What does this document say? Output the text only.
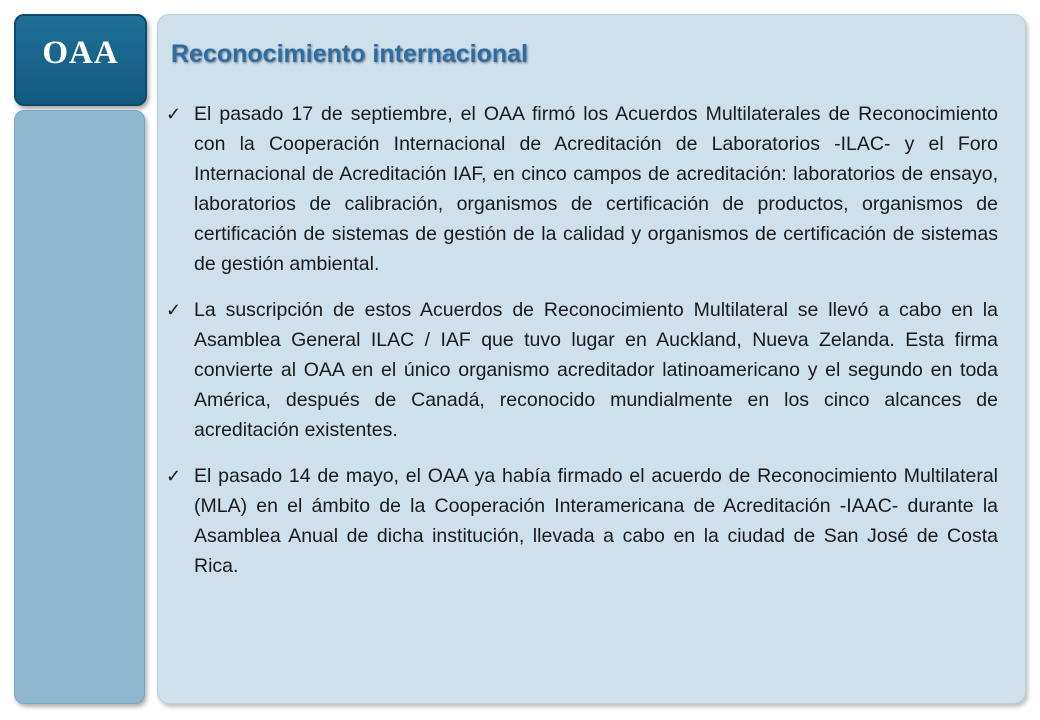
OAA Reconocimiento internacional
✓ El pasado 17 de septiembre, el OAA firmó los Acuerdos Multilaterales de Reconocimiento con la Cooperación Internacional de Acreditación de Laboratorios -ILAC- y el Foro Internacional de Acreditación IAF, en cinco campos de acreditación: laboratorios de ensayo, laboratorios de calibración, organismos de certificación de productos, organismos de certificación de sistemas de gestión de la calidad y organismos de certificación de sistemas de gestión ambiental.
✓ La suscripción de estos Acuerdos de Reconocimiento Multilateral se llevó a cabo en la Asamblea General ILAC / IAF que tuvo lugar en Auckland, Nueva Zelanda. Esta firma convierte al OAA en el único organismo acreditador latinoamericano y el segundo en toda América, después de Canadá, reconocido mundialmente en los cinco alcances de acreditación existentes.
✓ El pasado 14 de mayo, el OAA ya había firmado el acuerdo de Reconocimiento Multilateral (MLA) en el ámbito de la Cooperación Interamericana de Acreditación -IAAC- durante la Asamblea Anual de dicha institución, llevada a cabo en la ciudad de San José de Costa Rica.
